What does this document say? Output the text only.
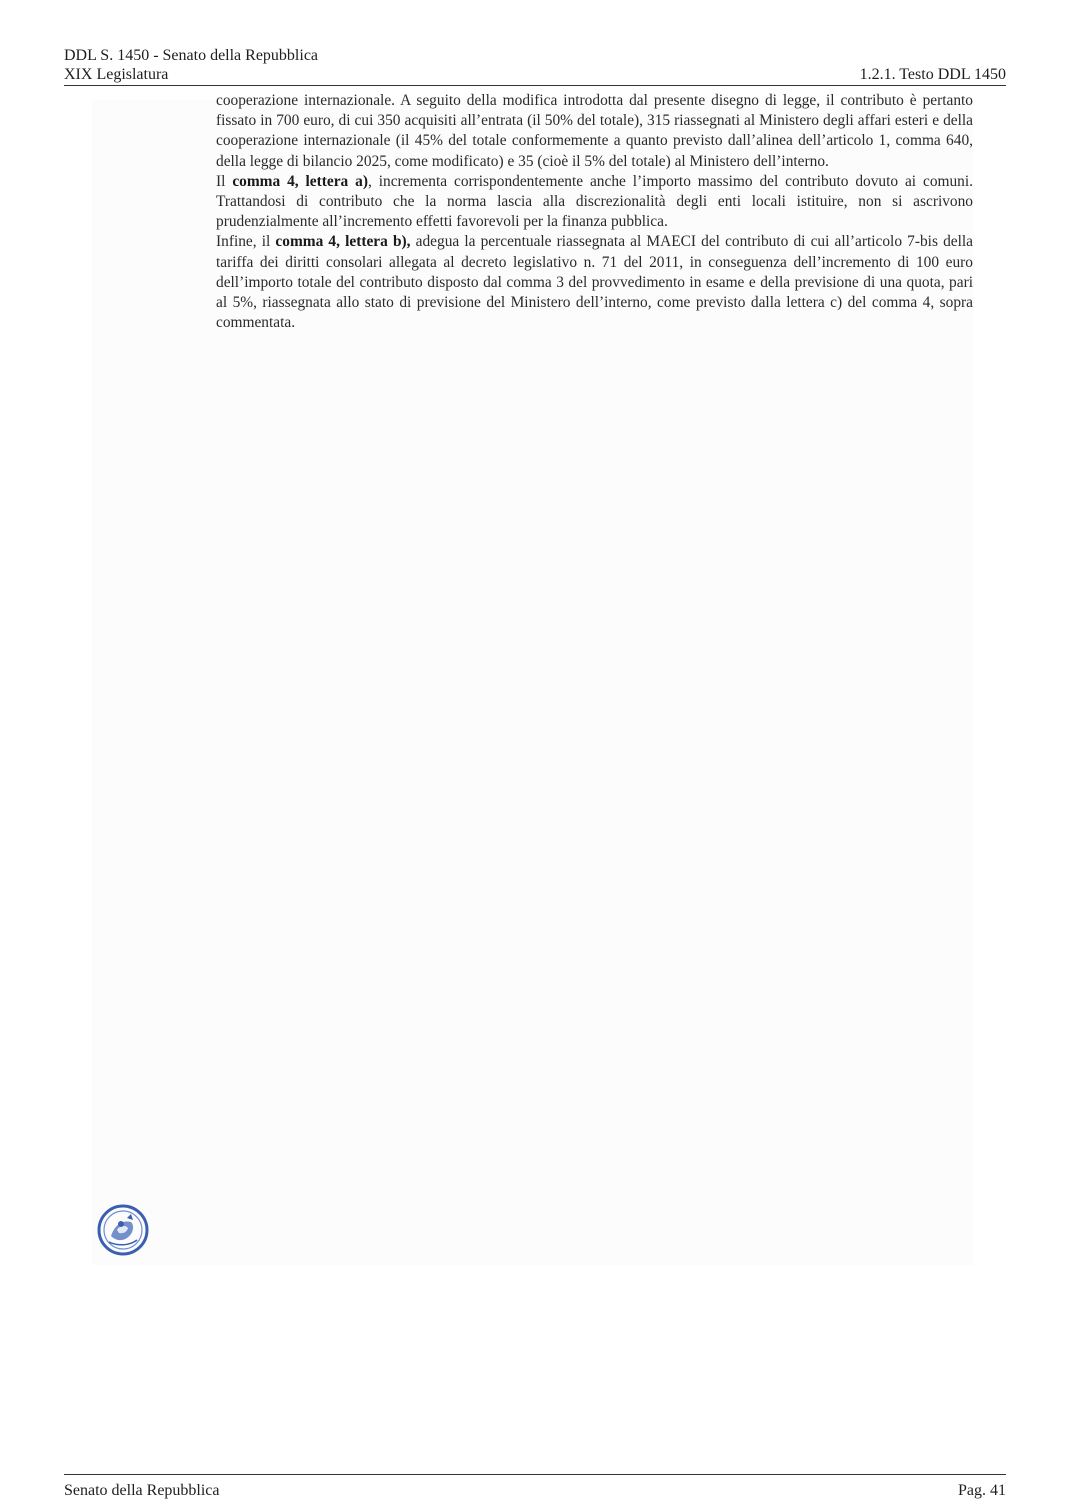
DDL S. 1450 - Senato della Repubblica
XIX Legislatura	1.2.1. Testo DDL 1450

cooperazione internazionale. A seguito della modifica introdotta dal presente disegno di legge, il contributo è pertanto fissato in 700 euro, di cui 350 acquisiti all’entrata (il 50% del totale), 315 riassegnati al Ministero degli affari esteri e della cooperazione internazionale (il 45% del totale conformemente a quanto previsto dall’alinea dell’articolo 1, comma 640, della legge di bilancio 2025, come modificato) e 35 (cioè il 5% del totale) al Ministero dell’interno.

Il comma 4, lettera a), incrementa corrispondentemente anche l’importo massimo del contributo dovuto ai comuni. Trattandosi di contributo che la norma lascia alla discrezionalità degli enti locali istituire, non si ascrivono prudenzialmente all’incremento effetti favorevoli per la finanza pubblica.

Infine, il comma 4, lettera b), adegua la percentuale riassegnata al MAECI del contributo di cui all’articolo 7-bis della tariffa dei diritti consolari allegata al decreto legislativo n. 71 del 2011, in conseguenza dell’incremento di 100 euro dell’importo totale del contributo disposto dal comma 3 del provvedimento in esame e della previsione di una quota, pari al 5%, riassegnata allo stato di previsione del Ministero dell’interno, come previsto dalla lettera c) del comma 4, sopra commentata.

Senato della Repubblica	Pag. 41
